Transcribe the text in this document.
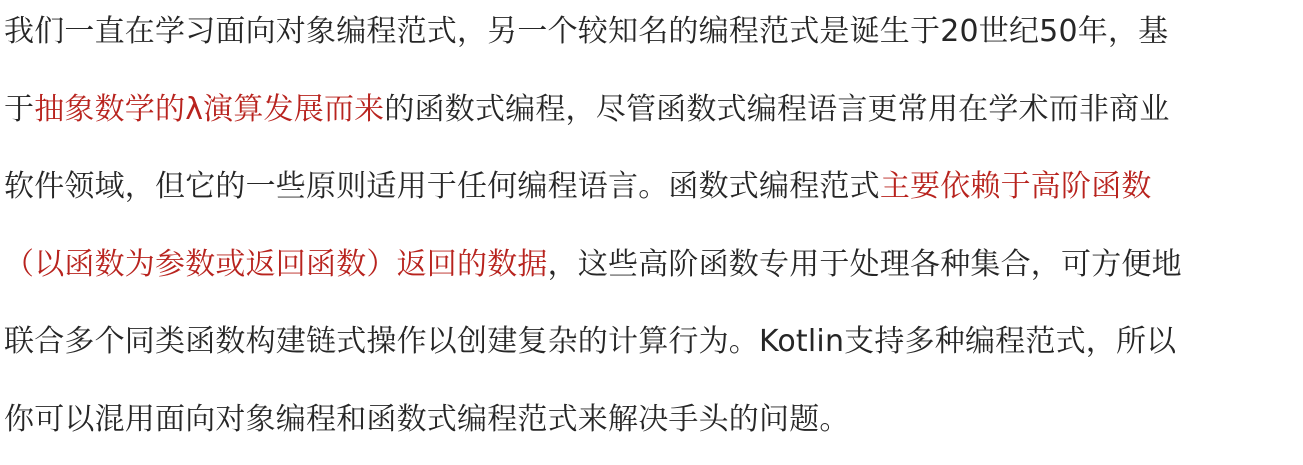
我们一直在学习面向对象编程范式，另一个较知名的编程范式是诞生于20世纪50年，基
于抽象数学的λ演算发展而来的函数式编程，尽管函数式编程语言更常用在学术而非商业
软件领域，但它的一些原则适用于任何编程语言。函数式编程范式主要依赖于高阶函数
（以函数为参数或返回函数）返回的数据，这些高阶函数专用于处理各种集合，可方便地
联合多个同类函数构建链式操作以创建复杂的计算行为。Kotlin支持多种编程范式，所以
你可以混用面向对象编程和函数式编程范式来解决手头的问题。
